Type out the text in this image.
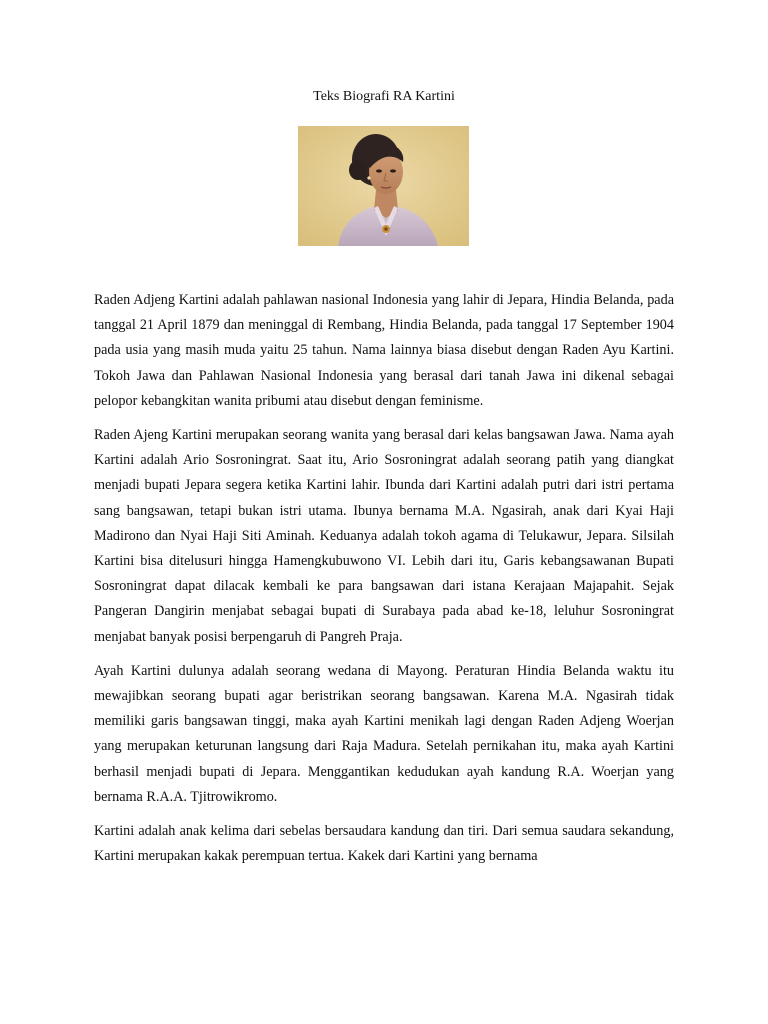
Teks Biografi RA Kartini

Raden Adjeng Kartini adalah pahlawan nasional Indonesia yang lahir di Jepara, Hindia Belanda, pada tanggal 21 April 1879 dan meninggal di Rembang, Hindia Belanda, pada tanggal 17 September 1904 pada usia yang masih muda yaitu 25 tahun. Nama lainnya biasa disebut dengan Raden Ayu Kartini. Tokoh Jawa dan Pahlawan Nasional Indonesia yang berasal dari tanah Jawa ini dikenal sebagai pelopor kebangkitan wanita pribumi atau disebut dengan feminisme.

Raden Ajeng Kartini merupakan seorang wanita yang berasal dari kelas bangsawan Jawa. Nama ayah Kartini adalah Ario Sosroningrat. Saat itu, Ario Sosroningrat adalah seorang patih yang diangkat menjadi bupati Jepara segera ketika Kartini lahir. Ibunda dari Kartini adalah putri dari istri pertama sang bangsawan, tetapi bukan istri utama. Ibunya bernama M.A. Ngasirah, anak dari Kyai Haji Madirono dan Nyai Haji Siti Aminah. Keduanya adalah tokoh agama di Telukawur, Jepara. Silsilah Kartini bisa ditelusuri hingga Hamengkubuwono VI. Lebih dari itu, Garis kebangsawanan Bupati Sosroningrat dapat dilacak kembali ke para bangsawan dari istana Kerajaan Majapahit. Sejak Pangeran Dangirin menjabat sebagai bupati di Surabaya pada abad ke-18, leluhur Sosroningrat menjabat banyak posisi berpengaruh di Pangreh Praja.

Ayah Kartini dulunya adalah seorang wedana di Mayong. Peraturan Hindia Belanda waktu itu mewajibkan seorang bupati agar beristrikan seorang bangsawan. Karena M.A. Ngasirah tidak memiliki garis bangsawan tinggi, maka ayah Kartini menikah lagi dengan Raden Adjeng Woerjan yang merupakan keturunan langsung dari Raja Madura. Setelah pernikahan itu, maka ayah Kartini berhasil menjadi bupati di Jepara. Menggantikan kedudukan ayah kandung R.A. Woerjan yang bernama R.A.A. Tjitrowikromo.

Kartini adalah anak kelima dari sebelas bersaudara kandung dan tiri. Dari semua saudara sekandung, Kartini merupakan kakak perempuan tertua. Kakek dari Kartini yang bernama
